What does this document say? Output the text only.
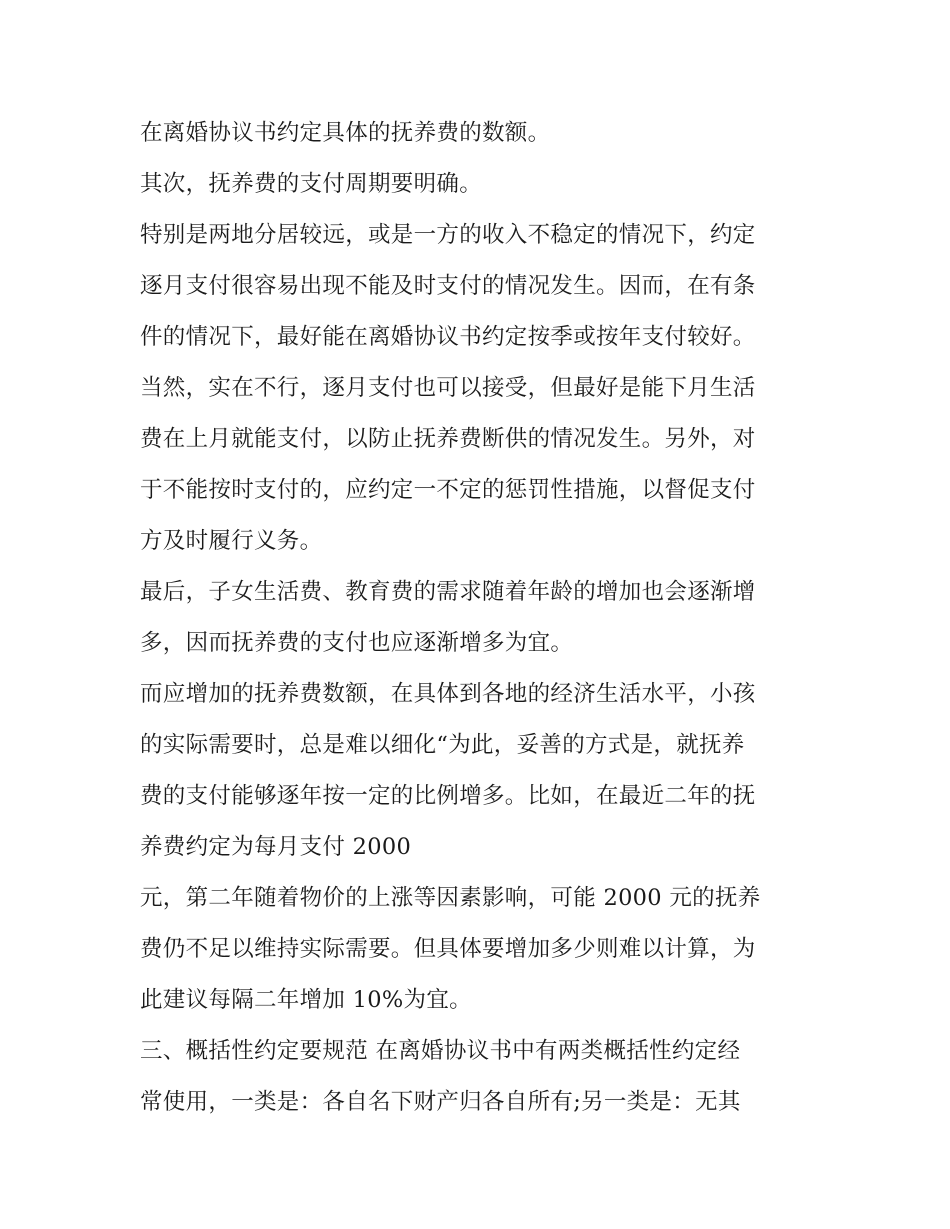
在离婚协议书约定具体的抚养费的数额。

其次，抚养费的支付周期要明确。

特别是两地分居较远，或是一方的收入不稳定的情况下，约定

逐月支付很容易出现不能及时支付的情况发生。因而，在有条

件的情况下，最好能在离婚协议书约定按季或按年支付较好。

当然，实在不行，逐月支付也可以接受，但最好是能下月生活

费在上月就能支付，以防止抚养费断供的情况发生。另外，对

于不能按时支付的，应约定一不定的惩罚性措施，以督促支付

方及时履行义务。

最后，子女生活费、教育费的需求随着年龄的增加也会逐渐增

多，因而抚养费的支付也应逐渐增多为宜。

而应增加的抚养费数额，在具体到各地的经济生活水平，小孩

的实际需要时，总是难以细化“为此，妥善的方式是，就抚养

费的支付能够逐年按一定的比例增多。比如，在最近二年的抚

养费约定为每月支付 2000

元，第二年随着物价的上涨等因素影响，可能 2000 元的抚养

费仍不足以维持实际需要。但具体要增加多少则难以计算，为

此建议每隔二年增加 10%为宜。

三、概括性约定要规范 在离婚协议书中有两类概括性约定经

常使用，一类是：各自名下财产归各自所有;另一类是：无其
